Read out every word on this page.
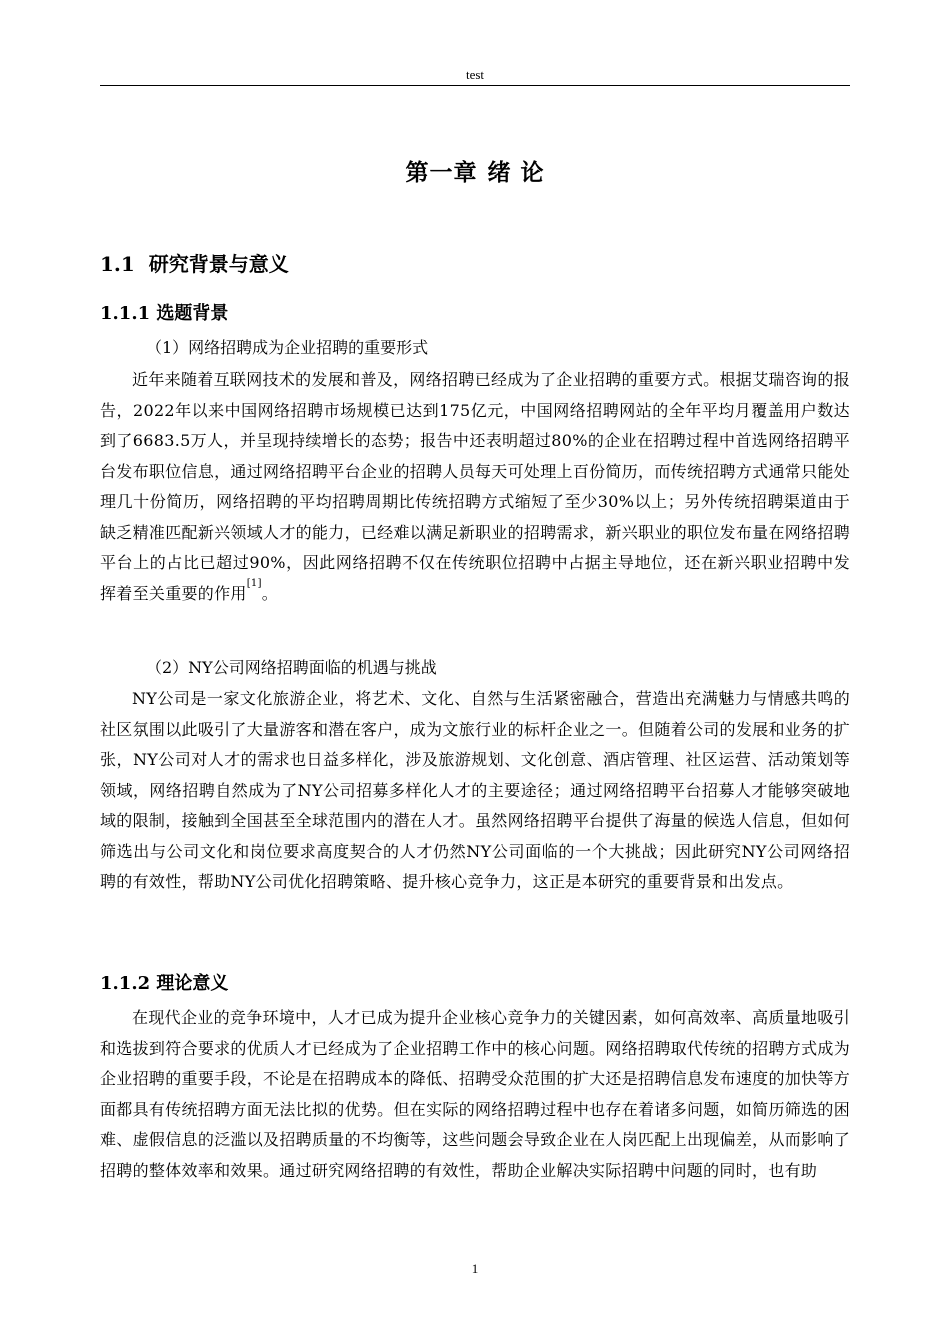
test
第一章 绪 论
1.1 研究背景与意义
1.1.1 选题背景
（1）网络招聘成为企业招聘的重要形式
近年来随着互联网技术的发展和普及，网络招聘已经成为了企业招聘的重要方式。根据艾瑞咨询的报告，2022年以来中国网络招聘市场规模已达到175亿元，中国网络招聘网站的全年平均月覆盖用户数达到了6683.5万人，并呈现持续增长的态势；报告中还表明超过80%的企业在招聘过程中首选网络招聘平台发布职位信息，通过网络招聘平台企业的招聘人员每天可处理上百份简历，而传统招聘方式通常只能处理几十份简历，网络招聘的平均招聘周期比传统招聘方式缩短了至少30%以上；另外传统招聘渠道由于缺乏精准匹配新兴领域人才的能力，已经难以满足新职业的招聘需求，新兴职业的职位发布量在网络招聘平台上的占比已超过90%，因此网络招聘不仅在传统职位招聘中占据主导地位，还在新兴职业招聘中发挥着至关重要的作用[1]。
（2）NY公司网络招聘面临的机遇与挑战
NY公司是一家文化旅游企业，将艺术、文化、自然与生活紧密融合，营造出充满魅力与情感共鸣的社区氛围以此吸引了大量游客和潜在客户，成为文旅行业的标杆企业之一。但随着公司的发展和业务的扩张，NY公司对人才的需求也日益多样化，涉及旅游规划、文化创意、酒店管理、社区运营、活动策划等领域，网络招聘自然成为了NY公司招募多样化人才的主要途径；通过网络招聘平台招募人才能够突破地域的限制，接触到全国甚至全球范围内的潜在人才。虽然网络招聘平台提供了海量的候选人信息，但如何筛选出与公司文化和岗位要求高度契合的人才仍然NY公司面临的一个大挑战；因此研究NY公司网络招聘的有效性，帮助NY公司优化招聘策略、提升核心竞争力，这正是本研究的重要背景和出发点。
1.1.2 理论意义
在现代企业的竞争环境中，人才已成为提升企业核心竞争力的关键因素，如何高效率、高质量地吸引和选拔到符合要求的优质人才已经成为了企业招聘工作中的核心问题。网络招聘取代传统的招聘方式成为企业招聘的重要手段，不论是在招聘成本的降低、招聘受众范围的扩大还是招聘信息发布速度的加快等方面都具有传统招聘方面无法比拟的优势。但在实际的网络招聘过程中也存在着诸多问题，如简历筛选的困难、虚假信息的泛滥以及招聘质量的不均衡等，这些问题会导致企业在人岗匹配上出现偏差，从而影响了招聘的整体效率和效果。通过研究网络招聘的有效性，帮助企业解决实际招聘中问题的同时，也有助
1
